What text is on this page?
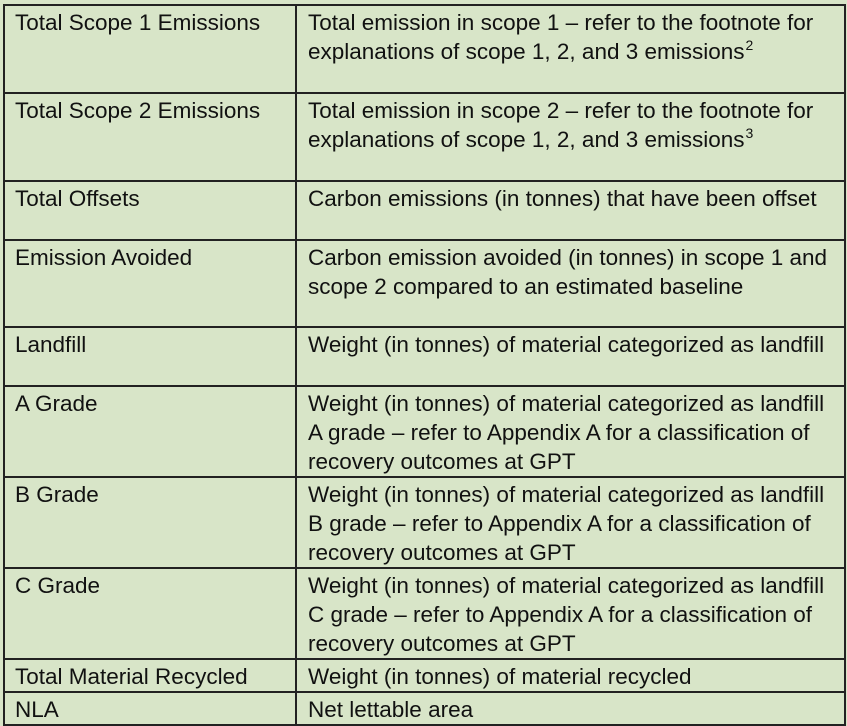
Total Scope 1 Emissions	Total emission in scope 1 – refer to the footnote for explanations of scope 1, 2, and 3 emissions$^2$
Total Scope 2 Emissions	Total emission in scope 2 – refer to the footnote for explanations of scope 1, 2, and 3 emissions$^3$
Total Offsets	Carbon emissions (in tonnes) that have been offset
Emission Avoided	Carbon emission avoided (in tonnes) in scope 1 and scope 2 compared to an estimated baseline
Landfill	Weight (in tonnes) of material categorized as landfill
A Grade	Weight (in tonnes) of material categorized as landfill A grade – refer to Appendix A for a classification of recovery outcomes at GPT
B Grade	Weight (in tonnes) of material categorized as landfill B grade – refer to Appendix A for a classification of recovery outcomes at GPT
C Grade	Weight (in tonnes) of material categorized as landfill C grade – refer to Appendix A for a classification of recovery outcomes at GPT
Total Material Recycled	Weight (in tonnes) of material recycled
NLA	Net lettable area
